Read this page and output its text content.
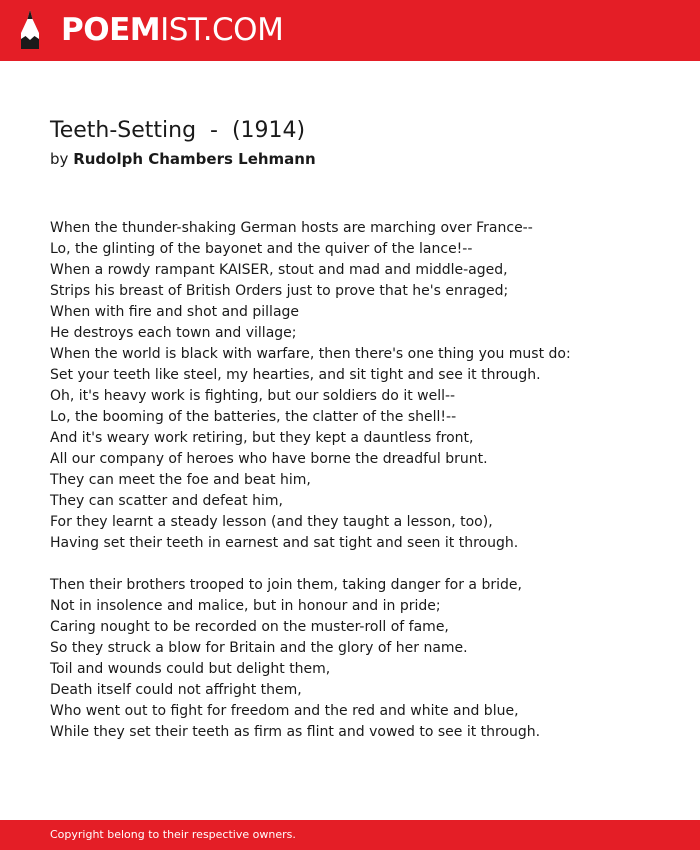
POEMIST.COM
Teeth-Setting  -  (1914)
by Rudolph Chambers Lehmann
When the thunder-shaking German hosts are marching over France--
Lo, the glinting of the bayonet and the quiver of the lance!--
When a rowdy rampant KAISER, stout and mad and middle-aged,
Strips his breast of British Orders just to prove that he's enraged;
When with fire and shot and pillage
He destroys each town and village;
When the world is black with warfare, then there's one thing you must do:
Set your teeth like steel, my hearties, and sit tight and see it through.
Oh, it's heavy work is fighting, but our soldiers do it well--
Lo, the booming of the batteries, the clatter of the shell!--
And it's weary work retiring, but they kept a dauntless front,
All our company of heroes who have borne the dreadful brunt.
They can meet the foe and beat him,
They can scatter and defeat him,
For they learnt a steady lesson (and they taught a lesson, too),
Having set their teeth in earnest and sat tight and seen it through.
Then their brothers trooped to join them, taking danger for a bride,
Not in insolence and malice, but in honour and in pride;
Caring nought to be recorded on the muster-roll of fame,
So they struck a blow for Britain and the glory of her name.
Toil and wounds could but delight them,
Death itself could not affright them,
Who went out to fight for freedom and the red and white and blue,
While they set their teeth as firm as flint and vowed to see it through.
Copyright belong to their respective owners.
